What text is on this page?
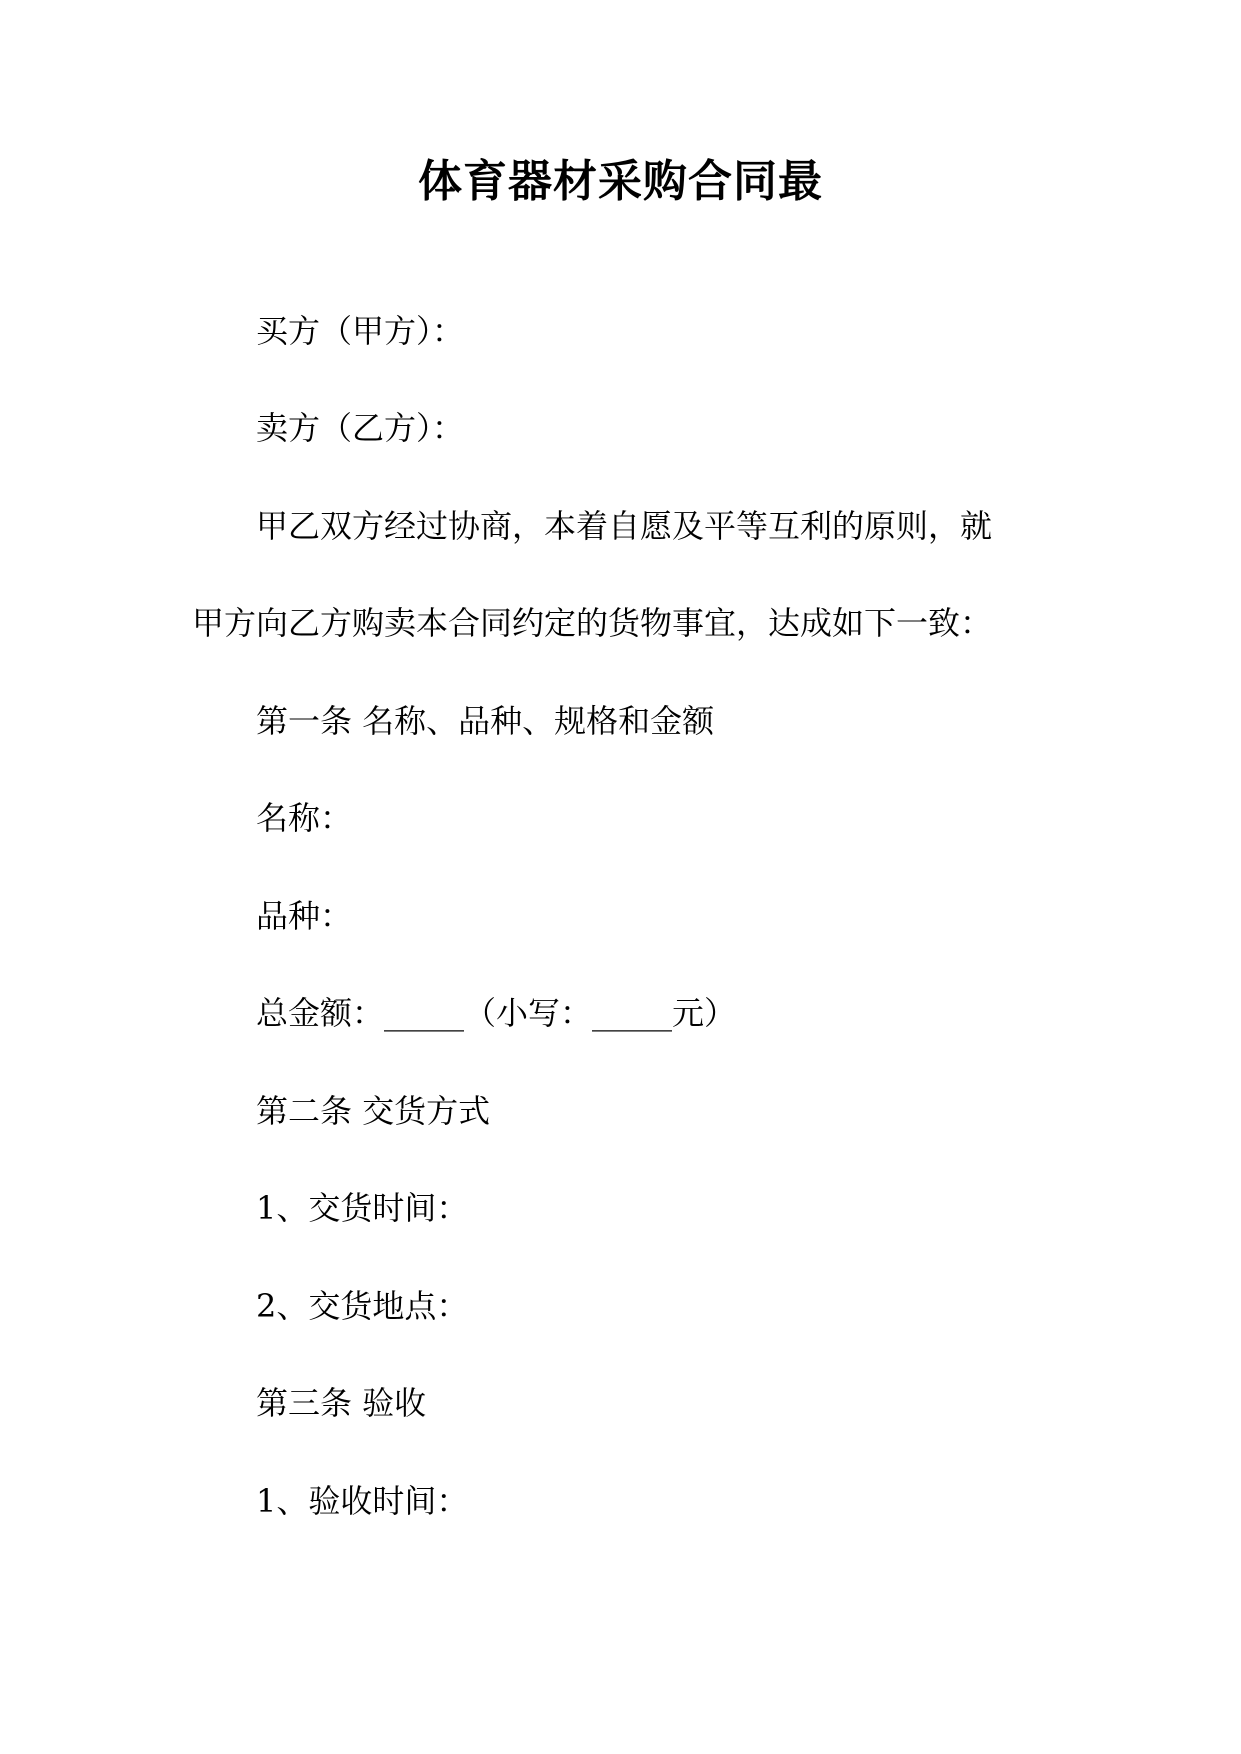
体育器材采购合同最
买方（甲方）：
卖方（乙方）：
甲乙双方经过协商，本着自愿及平等互利的原则，就
甲方向乙方购卖本合同约定的货物事宜，达成如下一致：
第一条 名称、品种、规格和金额
名称：
品种：
总金额：_____（小写：_____元）
第二条 交货方式
1、交货时间：
2、交货地点：
第三条 验收
1、验收时间：
